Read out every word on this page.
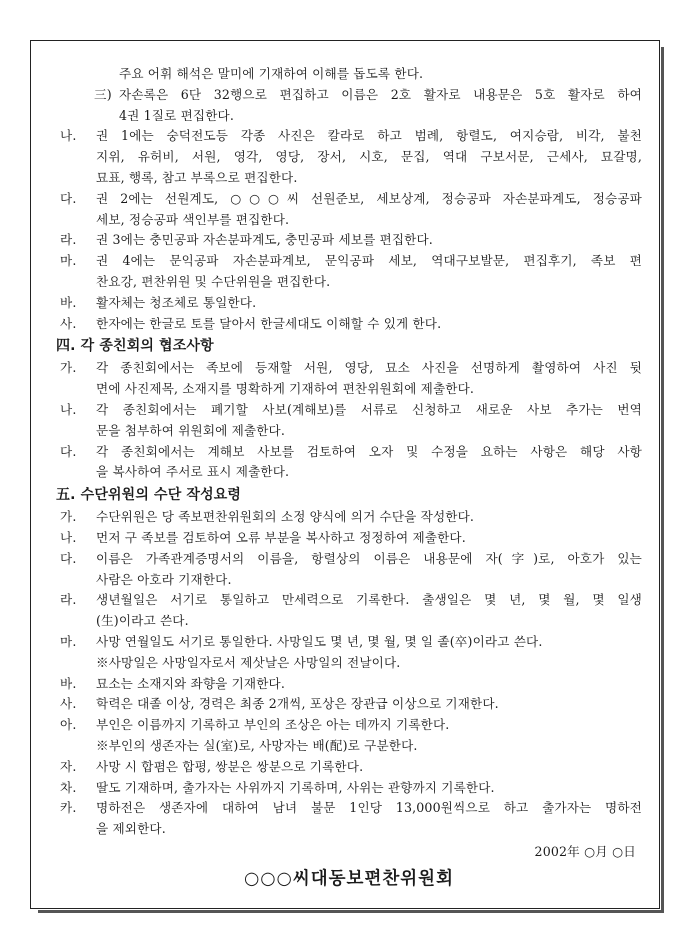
주요 어휘 해석은 말미에 기재하여 이해를 돕도록 한다.
三) 자손록은 6단 32행으로 편집하고 이름은 2호 활자로 내용문은 5호 활자로 하여
4권 1질로 편집한다.
나.	권 1에는 숭덕전도등 각종 사진은 칼라로 하고 범례, 항렬도, 여지승람, 비각, 불천
지위, 유허비, 서원, 영각, 영당, 장서, 시호, 문집, 역대 구보서문, 근세사, 묘갈명,
묘표, 행록, 참고 부록으로 편집한다.
다.	권 2에는 선원계도, ○○○씨 선원준보, 세보상계, 정승공파 자손분파계도, 정승공파
세보, 정승공파 색인부를 편집한다.
라.	권 3에는 충민공파 자손분파계도, 충민공파 세보를 편집한다.
마.	권 4에는 문익공파 자손분파계보, 문익공파 세보, 역대구보발문, 편집후기, 족보 편
찬요강, 편찬위원 및 수단위원을 편집한다.
바.	활자체는 청조체로 통일한다.
사.	한자에는 한글로 토를 달아서 한글세대도 이해할 수 있게 한다.
四. 각 종친회의 협조사항
가.	각 종친회에서는 족보에 등재할 서원, 영당, 묘소 사진을 선명하게 촬영하여 사진 뒷
면에 사진제목, 소재지를 명확하게 기재하여 편찬위원회에 제출한다.
나.	각 종친회에서는 폐기할 사보(계해보)를 서류로 신청하고 새로운 사보 추가는 번역
문을 첨부하여 위원회에 제출한다.
다.	각 종친회에서는 계해보 사보를 검토하여 오자 및 수정을 요하는 사항은 해당 사항
을 복사하여 주서로 표시 제출한다.
五. 수단위원의 수단 작성요령
가.	수단위원은 당 족보편찬위원회의 소정 양식에 의거 수단을 작성한다.
나.	먼저 구 족보를 검토하여 오류 부분을 복사하고 정정하여 제출한다.
다.	이름은 가족관계증명서의 이름을, 항렬상의 이름은 내용문에 자(字)로, 아호가 있는
사람은 아호라 기재한다.
라.	생년월일은 서기로 통일하고 만세력으로 기록한다. 출생일은 몇 년, 몇 월, 몇 일생
(生)이라고 쓴다.
마.	사망 연월일도 서기로 통일한다. 사망일도 몇 년, 몇 월, 몇 일 졸(卒)이라고 쓴다.
※사망일은 사망일자로서 제삿날은 사망일의 전날이다.
바.	묘소는 소재지와 좌향을 기재한다.
사.	학력은 대졸 이상, 경력은 최종 2개씩, 포상은 장관급 이상으로 기재한다.
아.	부인은 이름까지 기록하고 부인의 조상은 아는 데까지 기록한다.
※부인의 생존자는 실(室)로, 사망자는 배(配)로 구분한다.
자.	사망 시 합폄은 합평, 쌍분은 쌍분으로 기록한다.
차.	딸도 기재하며, 출가자는 사위까지 기록하며, 사위는 관향까지 기록한다.
카.	명하전은 생존자에 대하여 남녀 불문 1인당 13,000원씩으로 하고 출가자는 명하전
을 제외한다.
2002年 ○月 ○日
○○○씨대동보편찬위원회
